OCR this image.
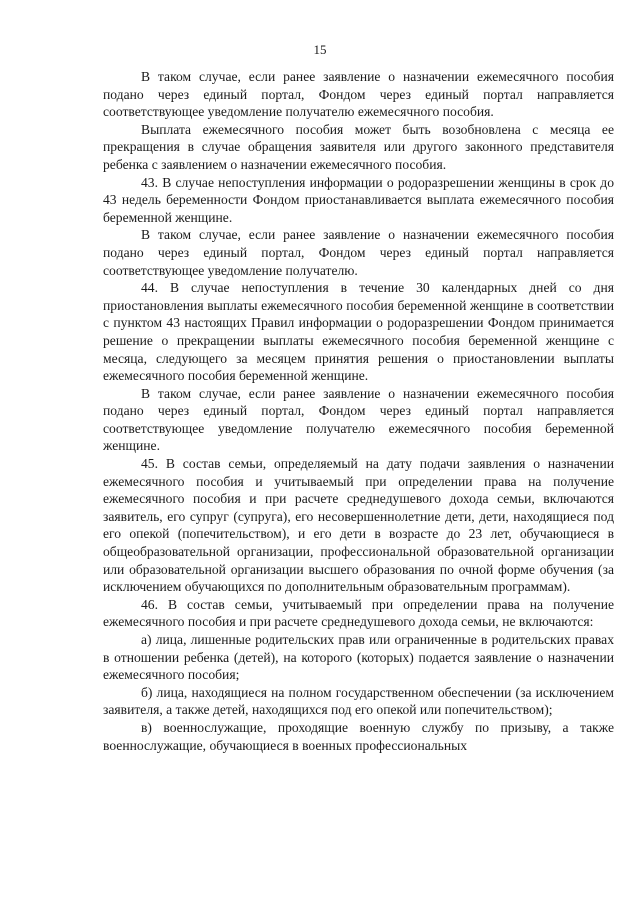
15

В таком случае, если ранее заявление о назначении ежемесячного пособия подано через единый портал, Фондом через единый портал направляется соответствующее уведомление получателю ежемесячного пособия.

Выплата ежемесячного пособия может быть возобновлена с месяца ее прекращения в случае обращения заявителя или другого законного представителя ребенка с заявлением о назначении ежемесячного пособия.

43. В случае непоступления информации о родоразрешении женщины в срок до 43 недель беременности Фондом приостанавливается выплата ежемесячного пособия беременной женщине.

В таком случае, если ранее заявление о назначении ежемесячного пособия подано через единый портал, Фондом через единый портал направляется соответствующее уведомление получателю.

44. В случае непоступления в течение 30 календарных дней со дня приостановления выплаты ежемесячного пособия беременной женщине в соответствии с пунктом 43 настоящих Правил информации о родоразрешении Фондом принимается решение о прекращении выплаты ежемесячного пособия беременной женщине с месяца, следующего за месяцем принятия решения о приостановлении выплаты ежемесячного пособия беременной женщине.

В таком случае, если ранее заявление о назначении ежемесячного пособия подано через единый портал, Фондом через единый портал направляется соответствующее уведомление получателю ежемесячного пособия беременной женщине.

45. В состав семьи, определяемый на дату подачи заявления о назначении ежемесячного пособия и учитываемый при определении права на получение ежемесячного пособия и при расчете среднедушевого дохода семьи, включаются заявитель, его супруг (супруга), его несовершеннолетние дети, дети, находящиеся под его опекой (попечительством), и его дети в возрасте до 23 лет, обучающиеся в общеобразовательной организации, профессиональной образовательной организации или образовательной организации высшего образования по очной форме обучения (за исключением обучающихся по дополнительным образовательным программам).

46. В состав семьи, учитываемый при определении права на получение ежемесячного пособия и при расчете среднедушевого дохода семьи, не включаются:

а) лица, лишенные родительских прав или ограниченные в родительских правах в отношении ребенка (детей), на которого (которых) подается заявление о назначении ежемесячного пособия;

б) лица, находящиеся на полном государственном обеспечении (за исключением заявителя, а также детей, находящихся под его опекой или попечительством);

в) военнослужащие, проходящие военную службу по призыву, а также военнослужащие, обучающиеся в военных профессиональных
